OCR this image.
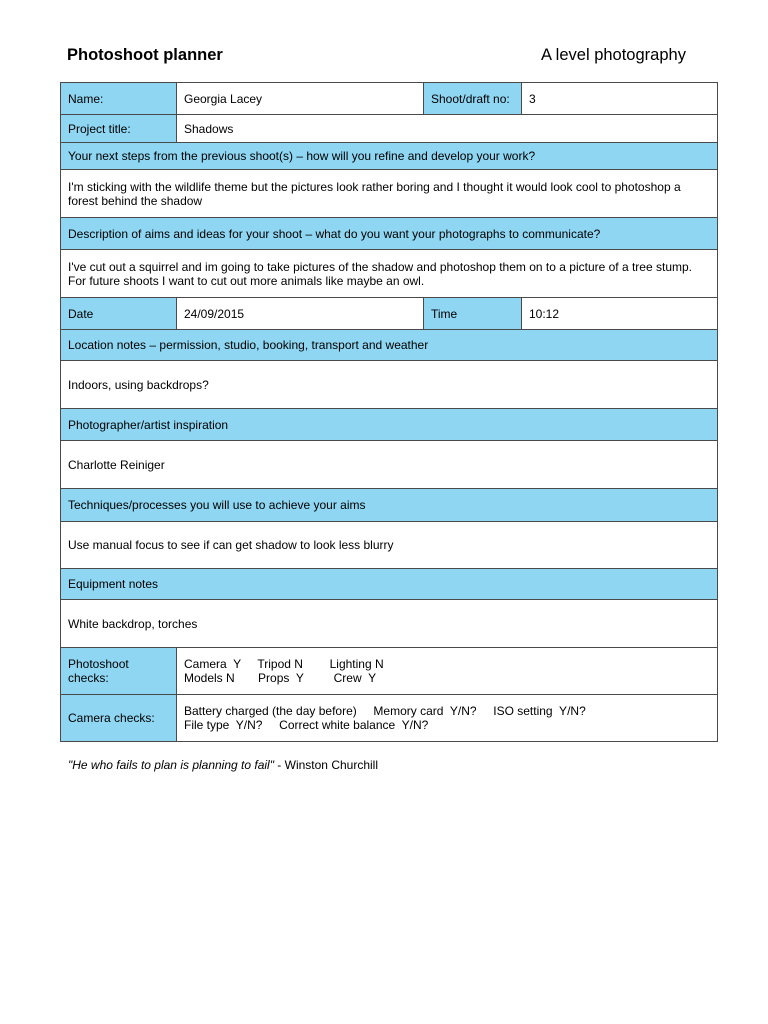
Photoshoot planner	A level photography
Name:	Georgia Lacey	Shoot/draft no:	3
Project title:	Shadows		
Your next steps from the previous shoot(s) – how will you refine and develop your work?			
I'm sticking with the wildlife theme but the pictures look rather boring and I thought it would look cool to photoshop a forest behind the shadow			
Description of aims and ideas for your shoot – what do you want your photographs to communicate?			
I've cut out a squirrel and im going to take pictures of the shadow and photoshop them on to a picture of a tree stump. For future shoots I want to cut out more animals like maybe an owl.			
Date	24/09/2015	Time	10:12
Location notes – permission, studio, booking, transport and weather			
Indoors, using backdrops?			
Photographer/artist inspiration			
Charlotte Reiniger			
Techniques/processes you will use to achieve your aims			
Use manual focus to see if can get shadow to look less blurry			
Equipment notes			
White backdrop, torches			
Photoshoot checks:	Camera  Y     Tripod N        Lighting N
Models N       Props  Y         Crew  Y		

Camera checks:	Battery charged (the day before)     Memory card  Y/N?     ISO setting  Y/N?
File type  Y/N?     Correct white balance  Y/N?		
"He who fails to plan is planning to fail" - Winston Churchill
